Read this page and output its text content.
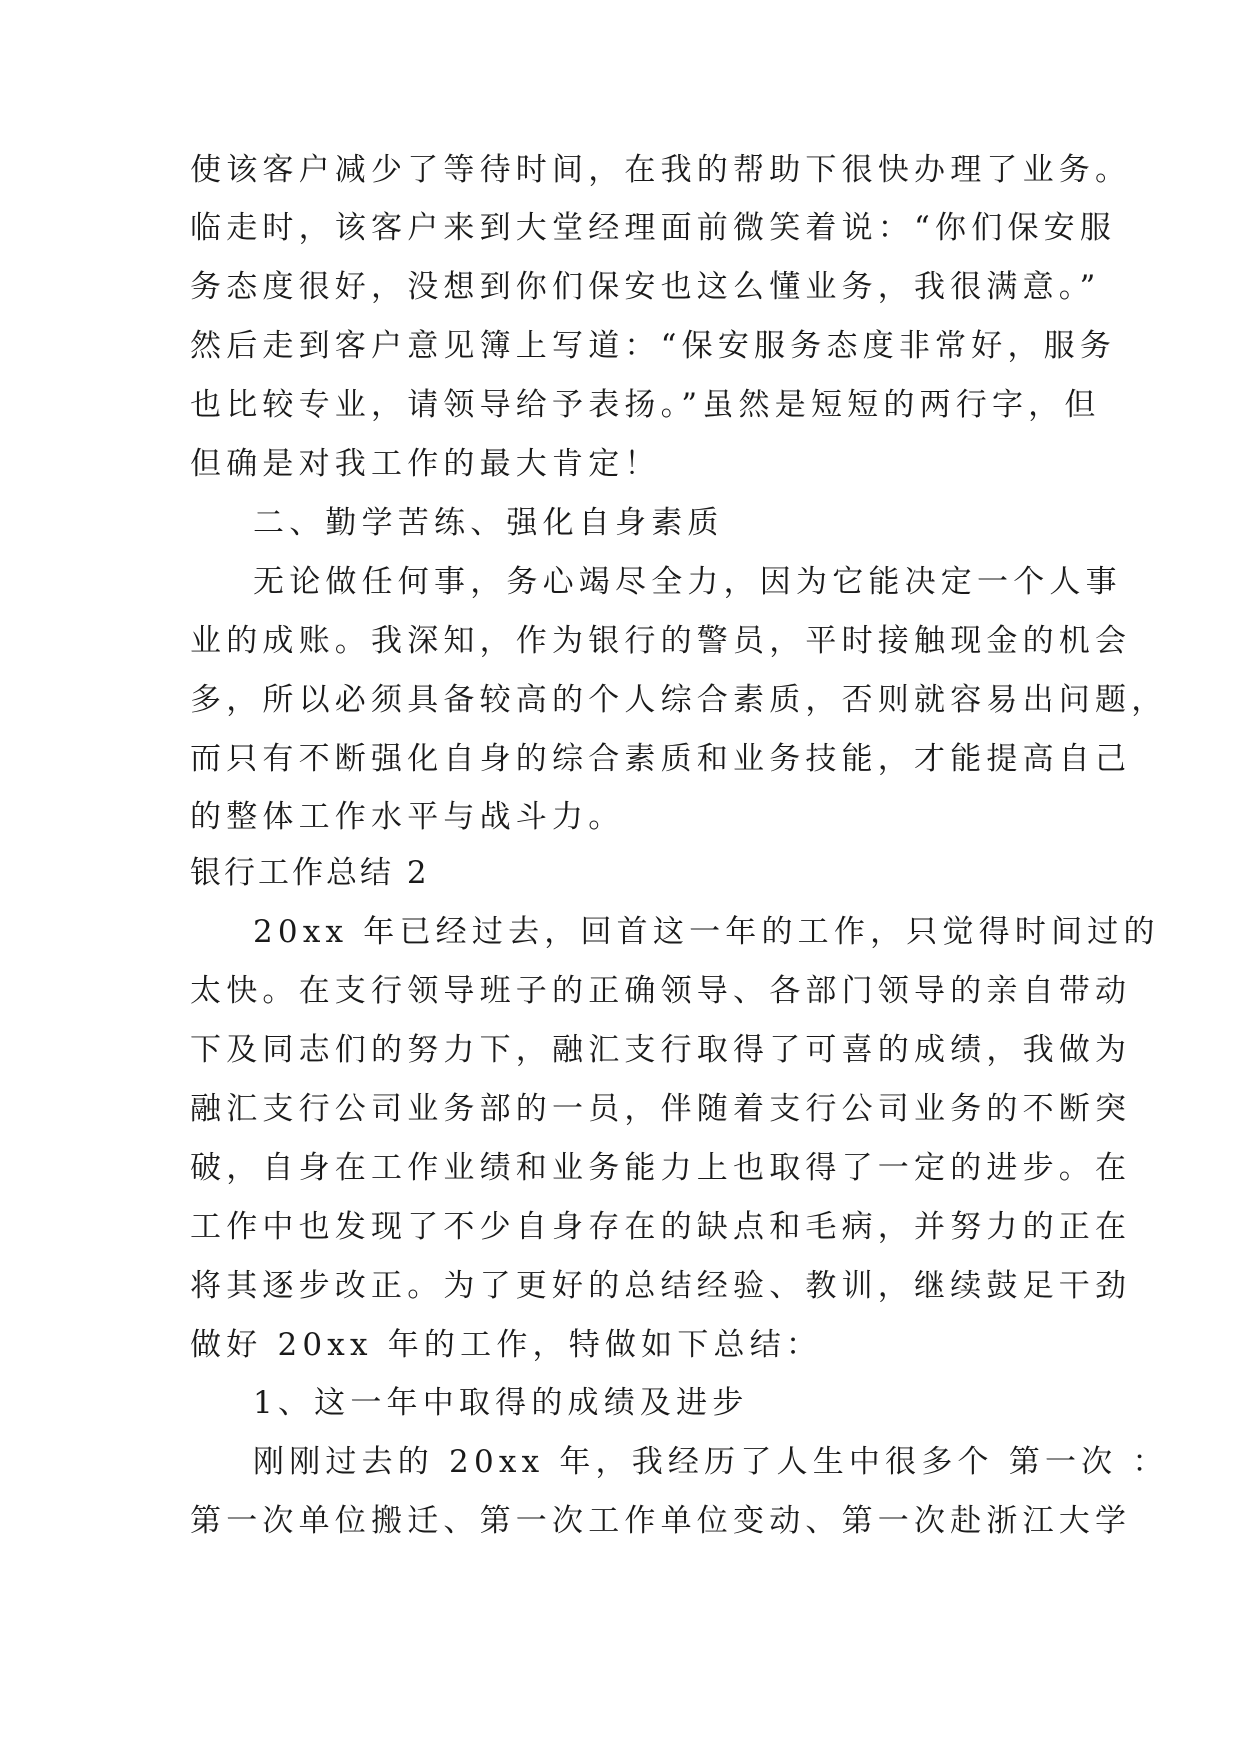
使该客户减少了等待时间，在我的帮助下很快办理了业务。
临走时，该客户来到大堂经理面前微笑着说：“你们保安服
务态度很好，没想到你们保安也这么懂业务，我很满意。”
然后走到客户意见簿上写道：“保安服务态度非常好，服务
也比较专业，请领导给予表扬。”虽然是短短的两行字，但
但确是对我工作的最大肯定！
二、勤学苦练、强化自身素质
无论做任何事，务心竭尽全力，因为它能决定一个人事
业的成账。我深知，作为银行的警员，平时接触现金的机会
多，所以必须具备较高的个人综合素质，否则就容易出问题，
而只有不断强化自身的综合素质和业务技能，才能提高自己
的整体工作水平与战斗力。
银行工作总结 2
20xx 年已经过去，回首这一年的工作，只觉得时间过的
太快。在支行领导班子的正确领导、各部门领导的亲自带动
下及同志们的努力下，融汇支行取得了可喜的成绩，我做为
融汇支行公司业务部的一员，伴随着支行公司业务的不断突
破，自身在工作业绩和业务能力上也取得了一定的进步。在
工作中也发现了不少自身存在的缺点和毛病，并努力的正在
将其逐步改正。为了更好的总结经验、教训，继续鼓足干劲
做好 20xx 年的工作，特做如下总结：
1、这一年中取得的成绩及进步
刚刚过去的 20xx 年，我经历了人生中很多个 第一次 ：
第一次单位搬迁、第一次工作单位变动、第一次赴浙江大学
